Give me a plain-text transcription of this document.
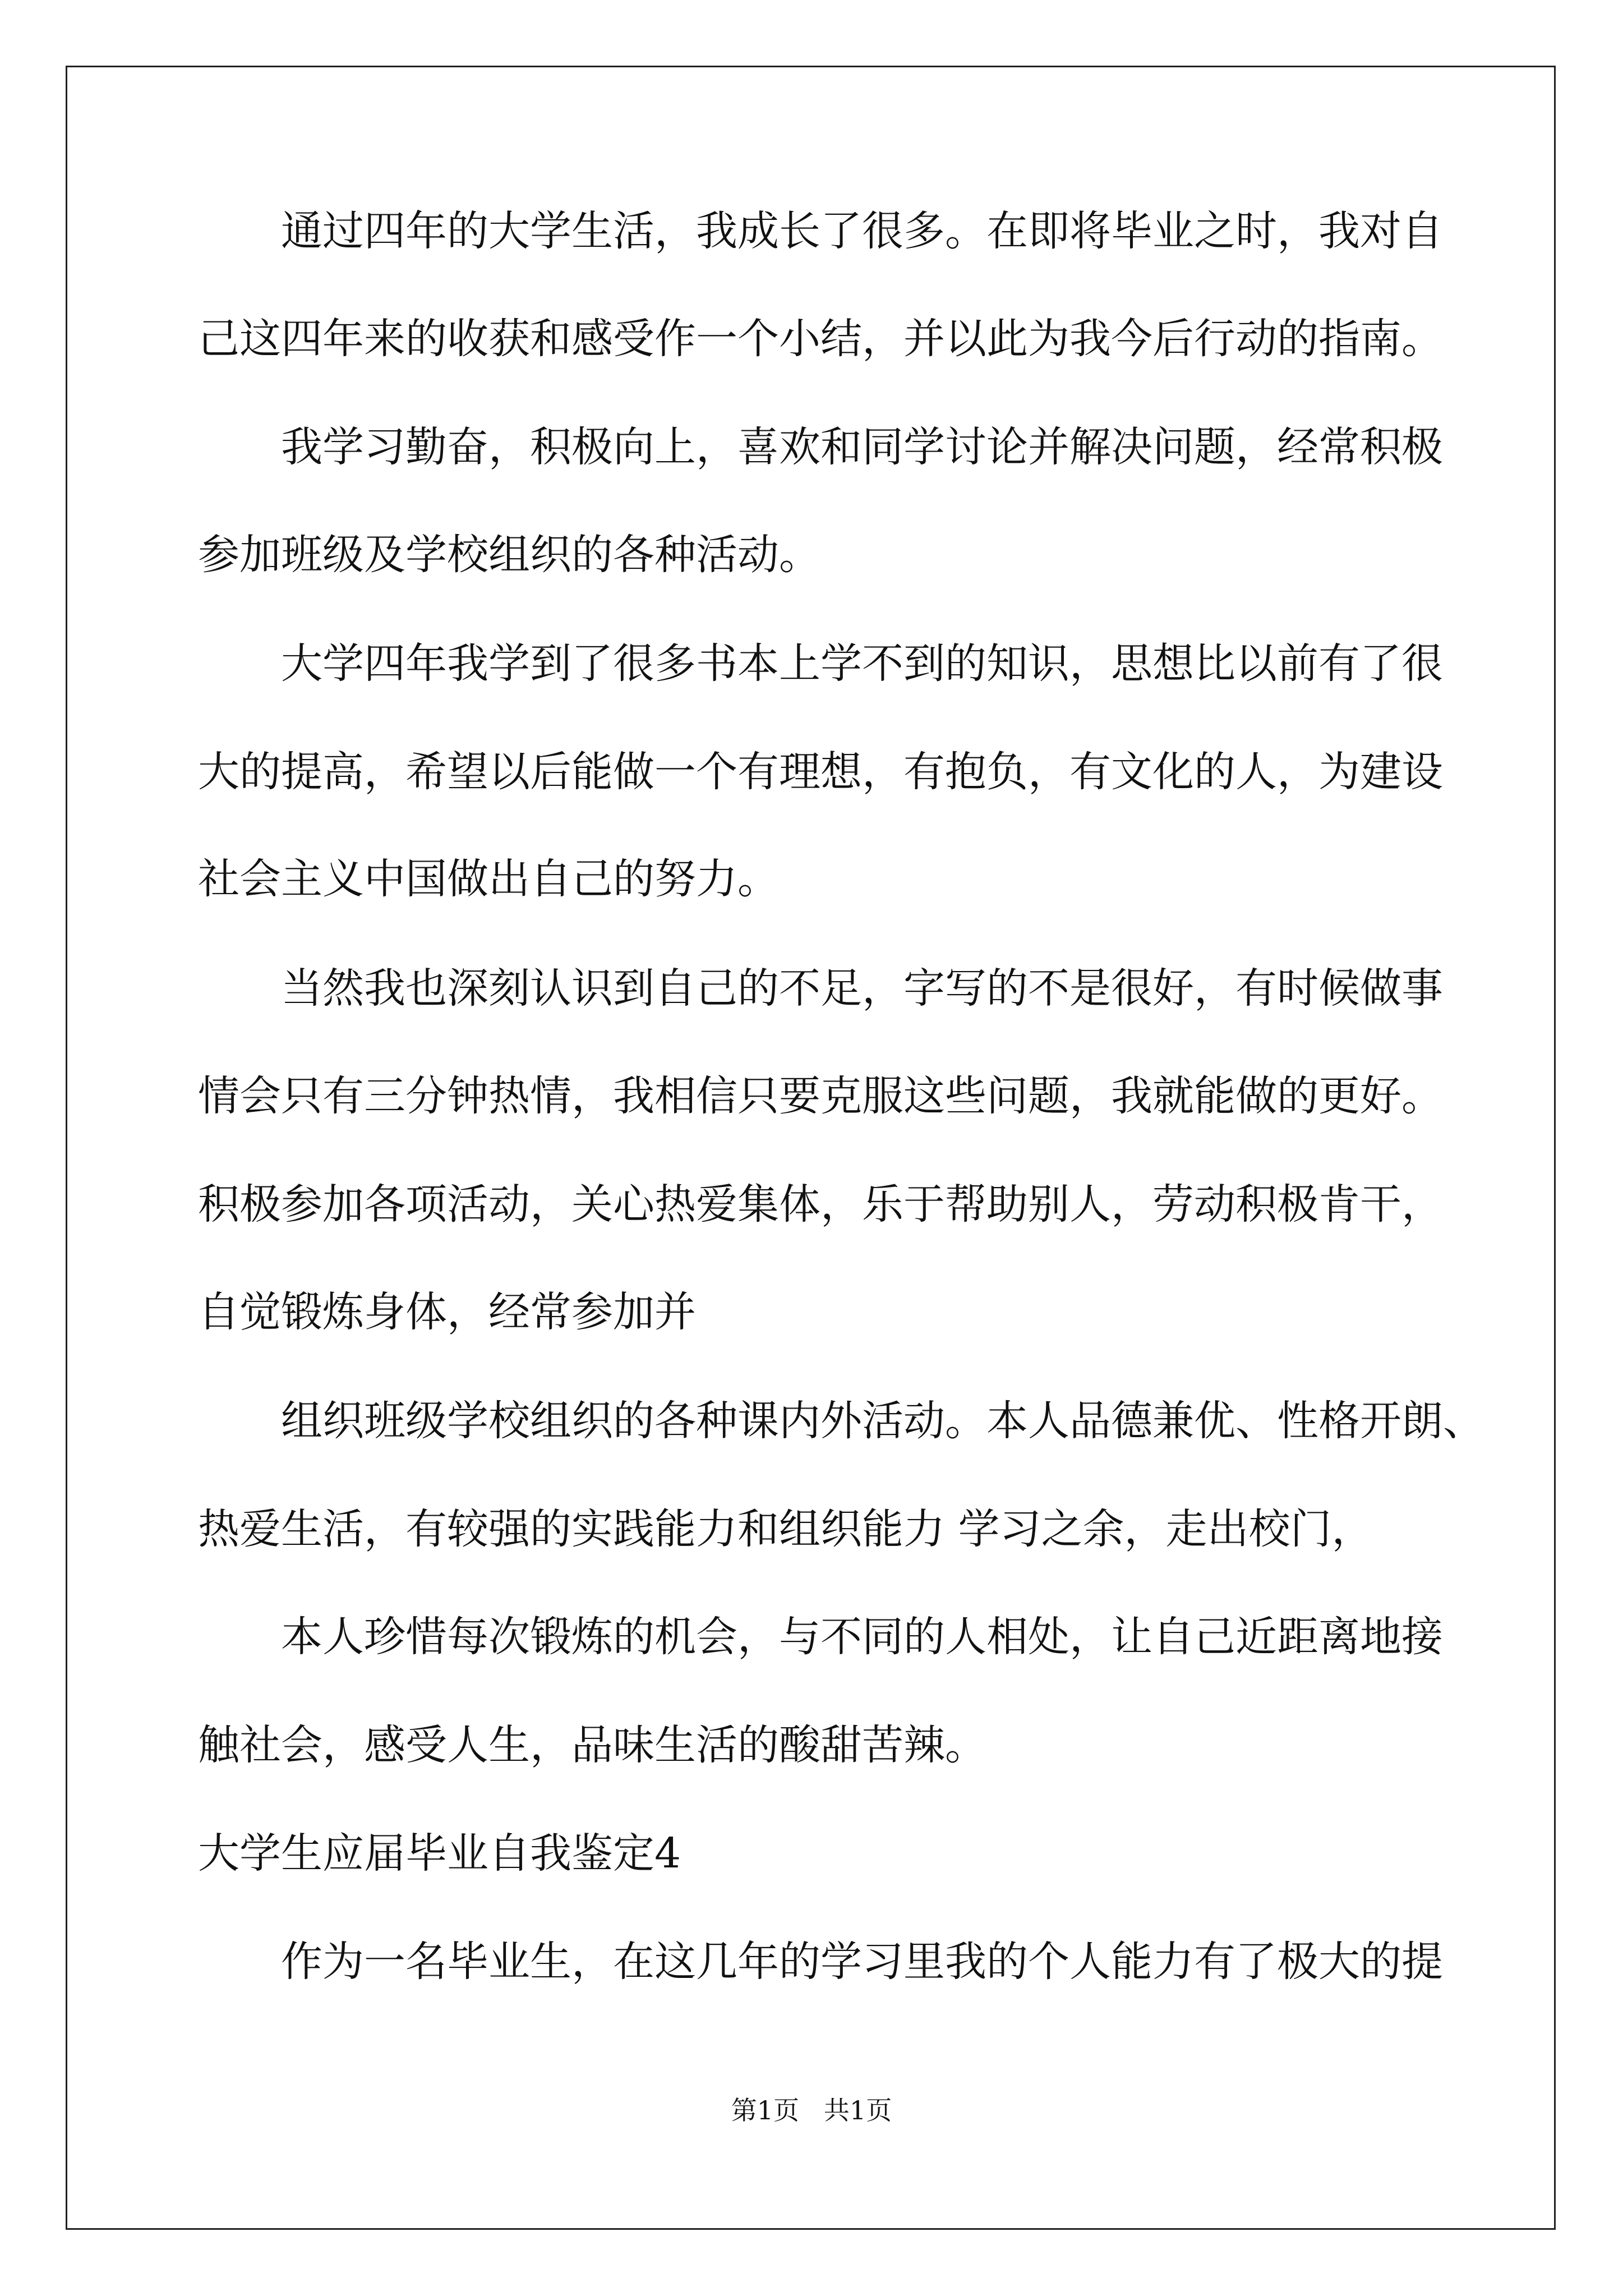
通过四年的大学生活，我成长了很多。在即将毕业之时，我对自
己这四年来的收获和感受作一个小结，并以此为我今后行动的指南。
我学习勤奋，积极向上，喜欢和同学讨论并解决问题，经常积极
参加班级及学校组织的各种活动。
大学四年我学到了很多书本上学不到的知识，思想比以前有了很
大的提高，希望以后能做一个有理想，有抱负，有文化的人，为建设
社会主义中国做出自己的努力。
当然我也深刻认识到自己的不足，字写的不是很好，有时候做事
情会只有三分钟热情，我相信只要克服这些问题，我就能做的更好。
积极参加各项活动，关心热爱集体，乐于帮助别人，劳动积极肯干，
自觉锻炼身体，经常参加并
组织班级学校组织的各种课内外活动。本人品德兼优、性格开朗、
热爱生活，有较强的实践能力和组织能力 学习之余，走出校门，
本人珍惜每次锻炼的机会，与不同的人相处，让自己近距离地接
触社会，感受人生，品味生活的酸甜苦辣。
大学生应届毕业自我鉴定4
作为一名毕业生，在这几年的学习里我的个人能力有了极大的提
第1页   共1页
